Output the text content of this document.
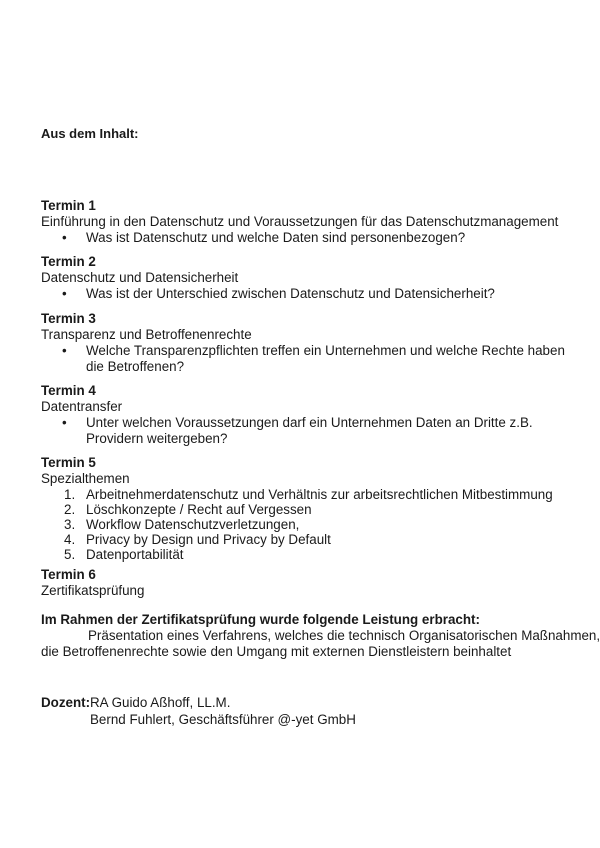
Aus dem Inhalt:
Termin 1
Einführung in den Datenschutz und Voraussetzungen für das Datenschutzmanagement
• Was ist Datenschutz und welche Daten sind personenbezogen?
Termin 2
Datenschutz und Datensicherheit
• Was ist der Unterschied zwischen Datenschutz und Datensicherheit?
Termin 3
Transparenz und Betroffenenrechte
• Welche Transparenzpflichten treffen ein Unternehmen und welche Rechte haben die Betroffenen?
Termin 4
Datentransfer
• Unter welchen Voraussetzungen darf ein Unternehmen Daten an Dritte z.B. Providern weitergeben?
Termin 5
Spezialthemen
1. Arbeitnehmerdatenschutz und Verhältnis zur arbeitsrechtlichen Mitbestimmung
2. Löschkonzepte / Recht auf Vergessen
3. Workflow Datenschutzverletzungen,
4. Privacy by Design und Privacy by Default
5. Datenportabilität
Termin 6
Zertifikatsprüfung
Im Rahmen der Zertifikatsprüfung wurde folgende Leistung erbracht:
Präsentation eines Verfahrens, welches die technisch Organisatorischen Maßnahmen,
die Betroffenenrechte sowie den Umgang mit externen Dienstleistern beinhaltet
Dozent: RA Guido Aßhoff, LL.M.
Bernd Fuhlert, Geschäftsführer @-yet GmbH
